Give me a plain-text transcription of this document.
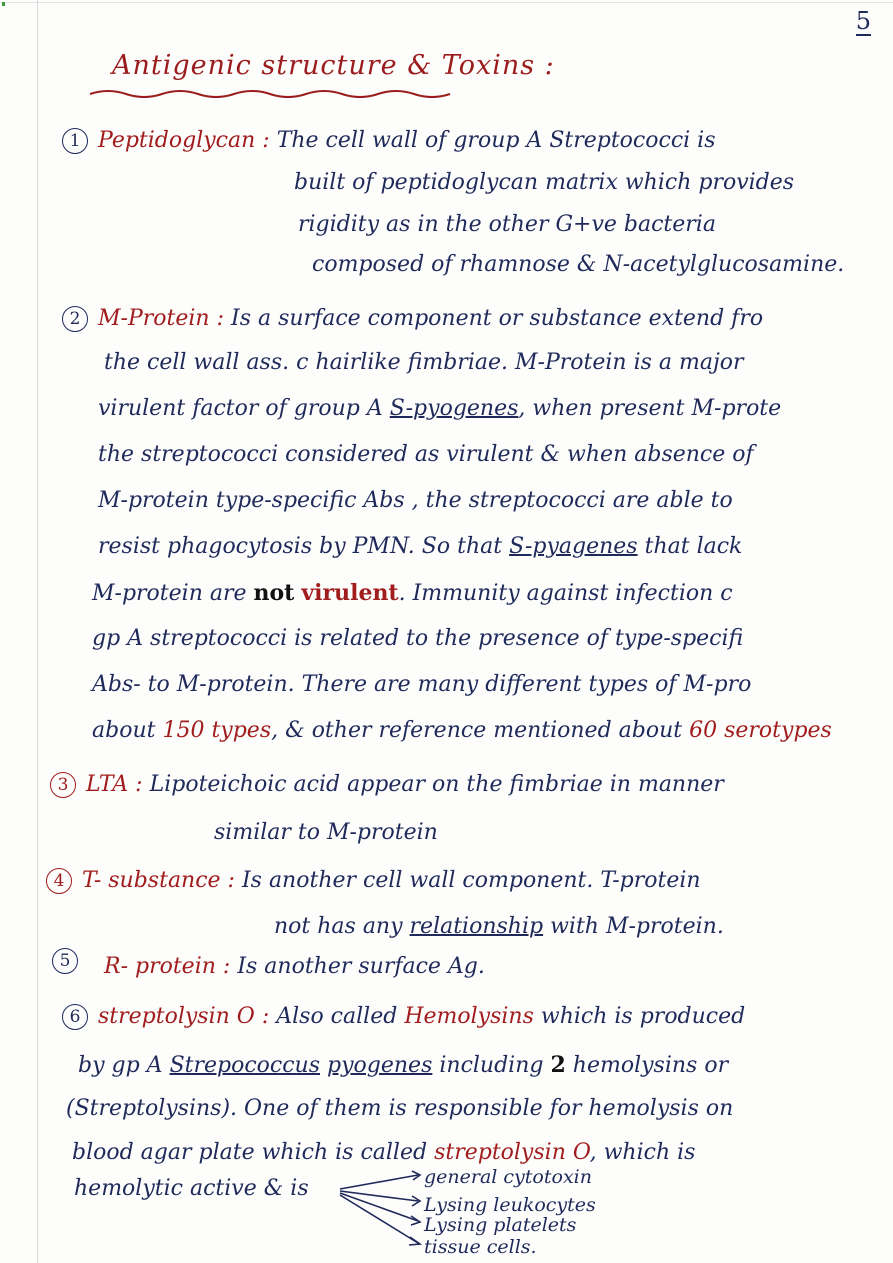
5
Antigenic structure & Toxins :
1 Peptidoglycan : The cell wall of group A Streptococci is
built of peptidoglycan matrix which provides
rigidity as in the other G+ve bacteria
composed of rhamnose & N-acetylglucosamine.
2 M-Protein : Is a surface component or substance extend fro
the cell wall ass. c hairlike fimbriae. M-Protein is a major
virulent factor of group A S-pyogenes, when present M-prote
the streptococci considered as virulent & when absence of
M-protein type-specific Abs , the streptococci are able to
resist phagocytosis by PMN. So that S-pyagenes that lack
M-protein are not virulent. Immunity against infection c
gp A streptococci is related to the presence of type-specifi
Abs- to M-protein. There are many different types of M-pro
about 150 types, & other reference mentioned about 60 serotypes
3 LTA : Lipoteichoic acid appear on the fimbriae in manner
similar to M-protein
4 T- substance : Is another cell wall component. T-protein
not has any relationship with M-protein.
5	R- protein : Is another surface Ag.
6 streptolysin O : Also called Hemolysins which is produced
by gp A Strepococcus pyogenes including 2 hemolysins or
(Streptolysins). One of them is responsible for hemolysis on
blood agar plate which is called streptolysin O, which is
hemolytic active & is	general cytotoxin
Lysing leukocytes
Lysing platelets
tissue cells.
